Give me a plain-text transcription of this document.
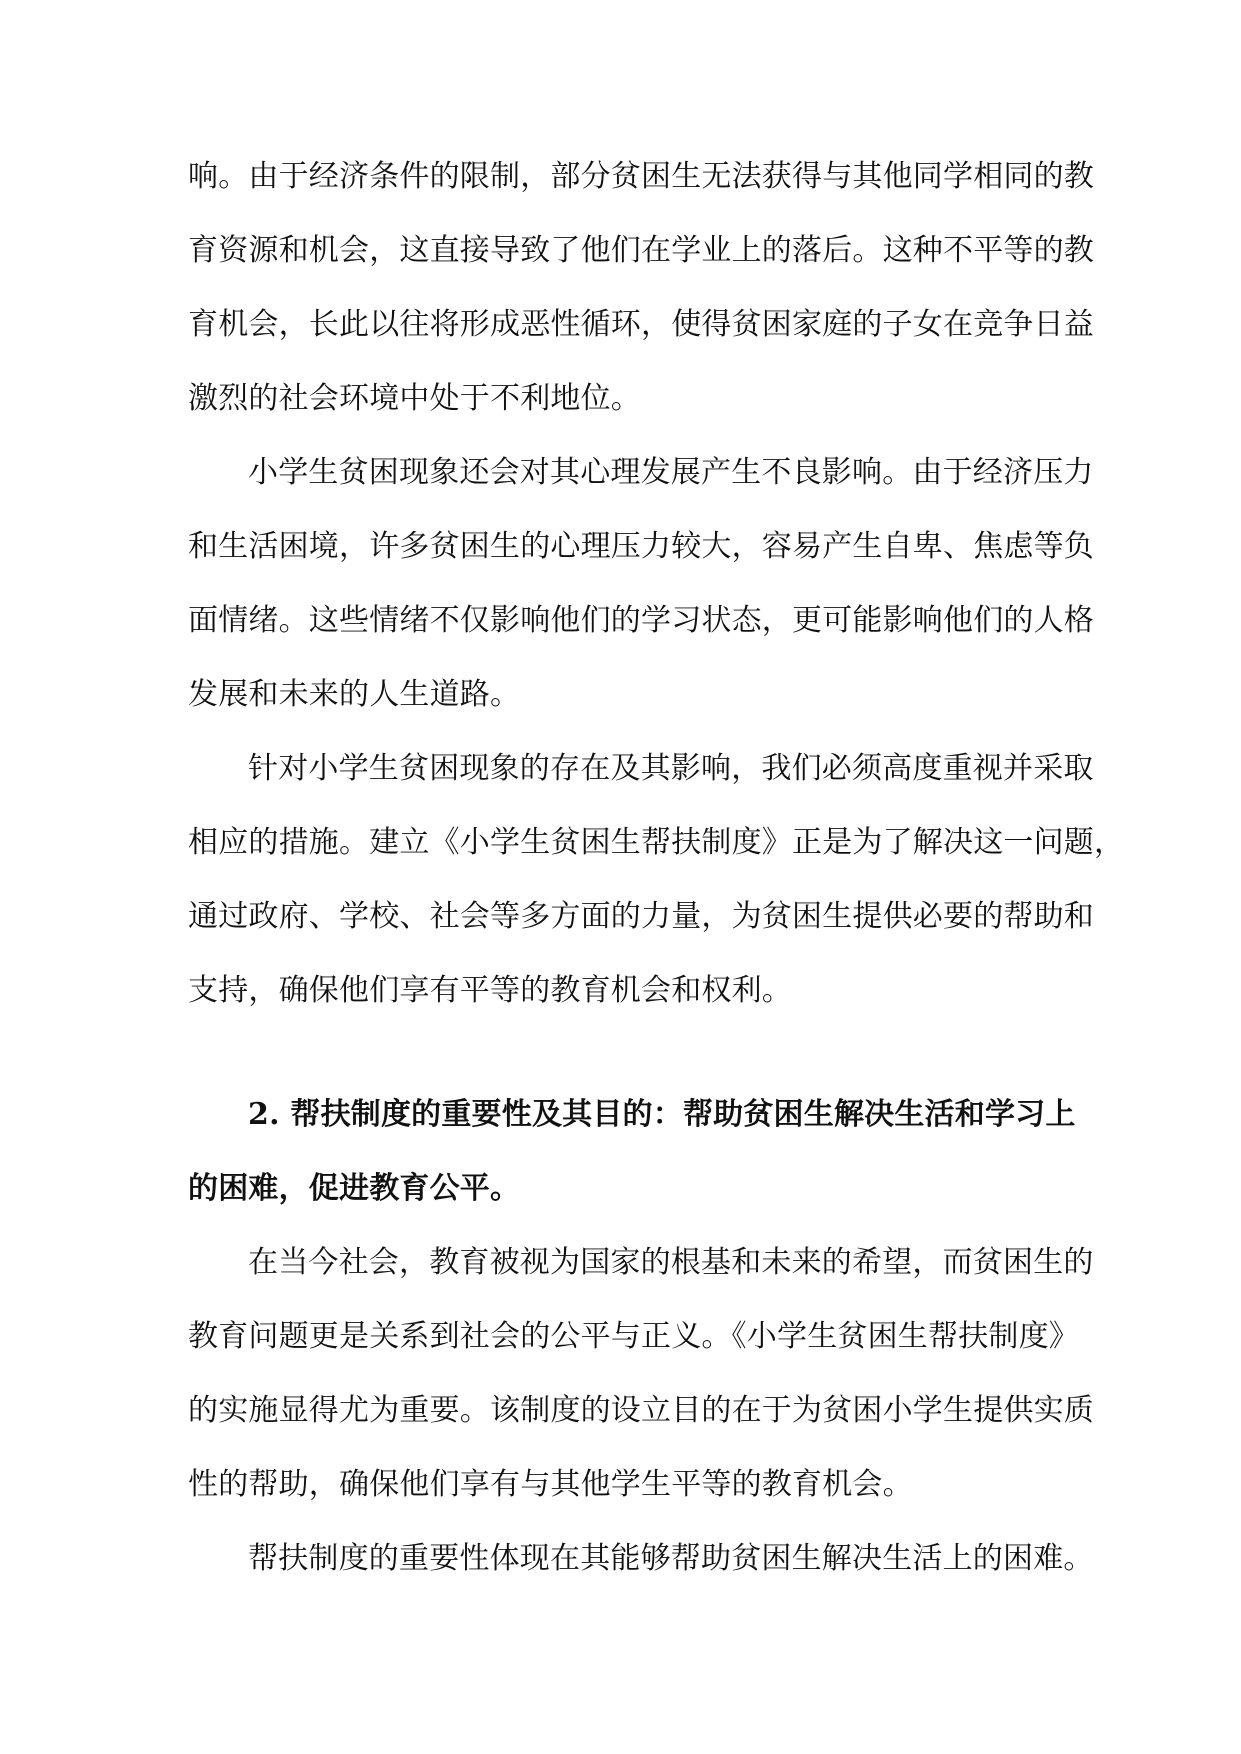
响。由于经济条件的限制，部分贫困生无法获得与其他同学相同的教
育资源和机会，这直接导致了他们在学业上的落后。这种不平等的教
育机会，长此以往将形成恶性循环，使得贫困家庭的子女在竞争日益
激烈的社会环境中处于不利地位。
小学生贫困现象还会对其心理发展产生不良影响。由于经济压力
和生活困境，许多贫困生的心理压力较大，容易产生自卑、焦虑等负
面情绪。这些情绪不仅影响他们的学习状态，更可能影响他们的人格
发展和未来的人生道路。
针对小学生贫困现象的存在及其影响，我们必须高度重视并采取
相应的措施。建立《小学生贫困生帮扶制度》正是为了解决这一问题，
通过政府、学校、社会等多方面的力量，为贫困生提供必要的帮助和
支持，确保他们享有平等的教育机会和权利。
2. 帮扶制度的重要性及其目的：帮助贫困生解决生活和学习上
的困难，促进教育公平。
在当今社会，教育被视为国家的根基和未来的希望，而贫困生的
教育问题更是关系到社会的公平与正义。《小学生贫困生帮扶制度》
的实施显得尤为重要。该制度的设立目的在于为贫困小学生提供实质
性的帮助，确保他们享有与其他学生平等的教育机会。
帮扶制度的重要性体现在其能够帮助贫困生解决生活上的困难。
